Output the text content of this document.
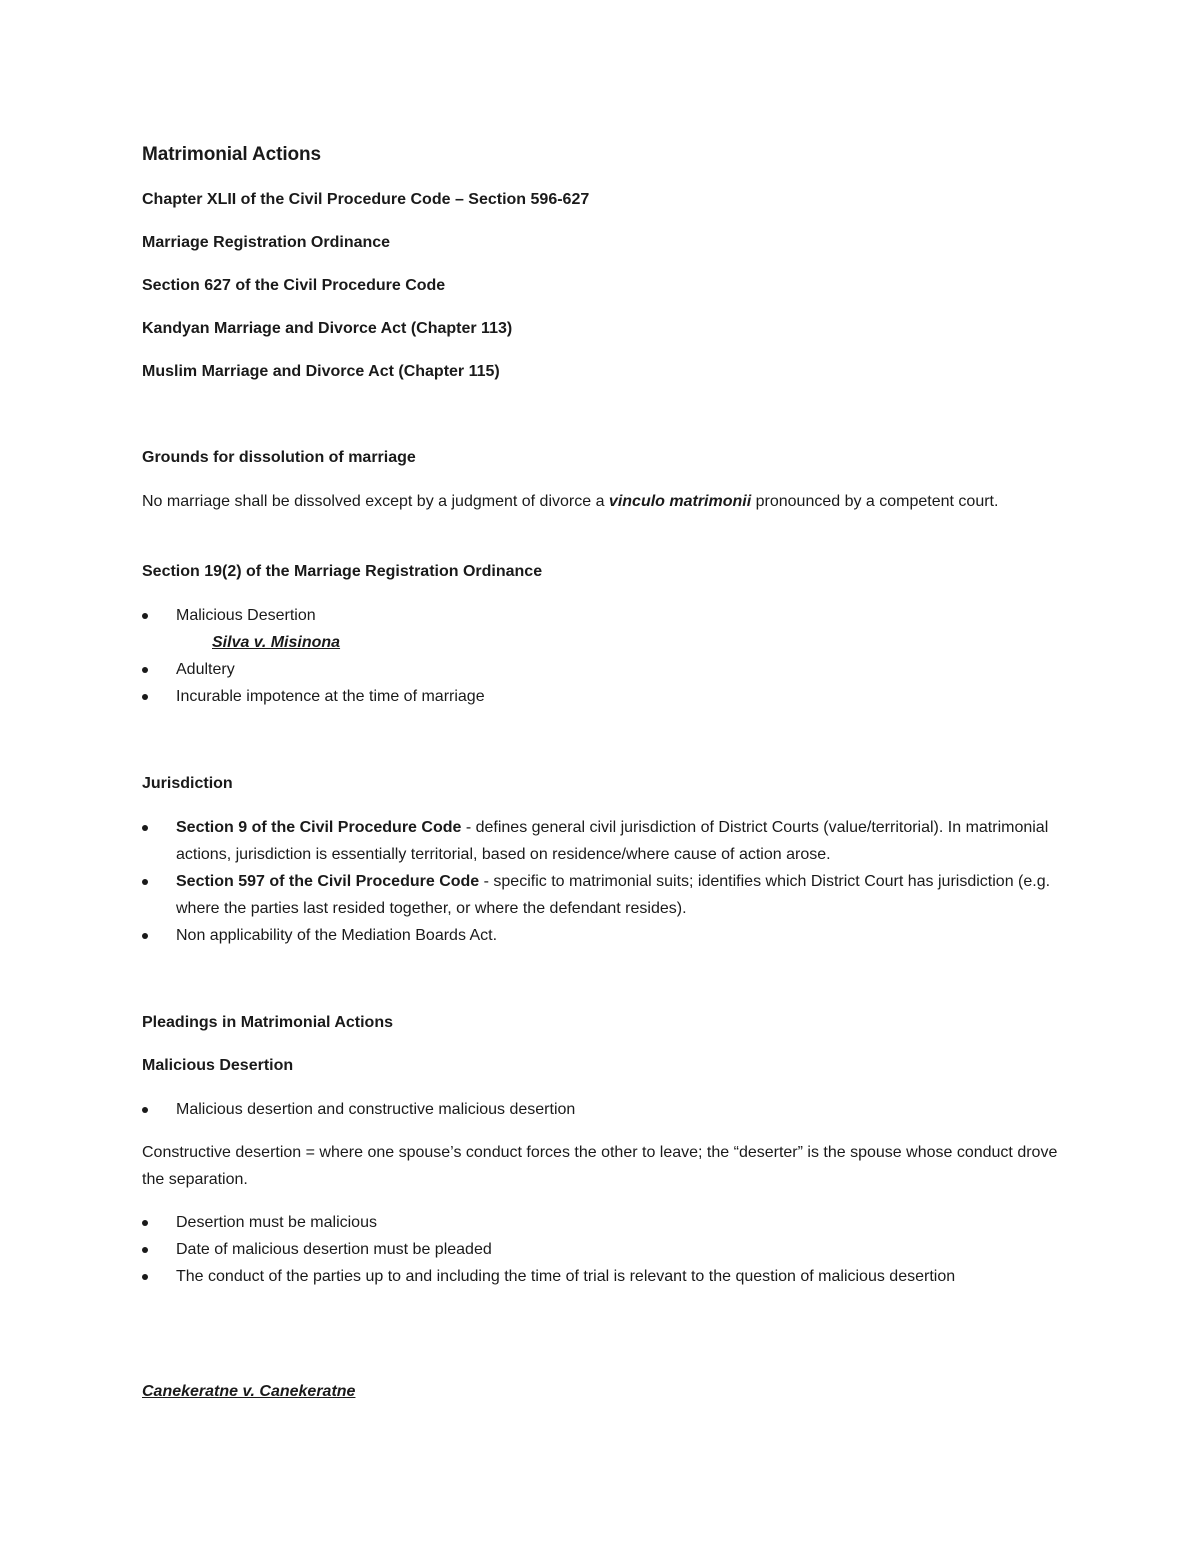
Matrimonial Actions
Chapter XLII of the Civil Procedure Code – Section 596-627
Marriage Registration Ordinance
Section 627 of the Civil Procedure Code
Kandyan Marriage and Divorce Act (Chapter 113)
Muslim Marriage and Divorce Act (Chapter 115)
Grounds for dissolution of marriage
No marriage shall be dissolved except by a judgment of divorce a vinculo matrimonii pronounced by a competent court.
Section 19(2) of the Marriage Registration Ordinance
Malicious Desertion
Silva v. Misinona
Adultery
Incurable impotence at the time of marriage
Jurisdiction
Section 9 of the Civil Procedure Code - defines general civil jurisdiction of District Courts (value/territorial). In matrimonial actions, jurisdiction is essentially territorial, based on residence/where cause of action arose.
Section 597 of the Civil Procedure Code - specific to matrimonial suits; identifies which District Court has jurisdiction (e.g. where the parties last resided together, or where the defendant resides).
Non applicability of the Mediation Boards Act.
Pleadings in Matrimonial Actions
Malicious Desertion
Malicious desertion and constructive malicious desertion
Constructive desertion = where one spouse’s conduct forces the other to leave; the “deserter” is the spouse whose conduct drove the separation.
Desertion must be malicious
Date of malicious desertion must be pleaded
The conduct of the parties up to and including the time of trial is relevant to the question of malicious desertion
Canekeratne v. Canekeratne
